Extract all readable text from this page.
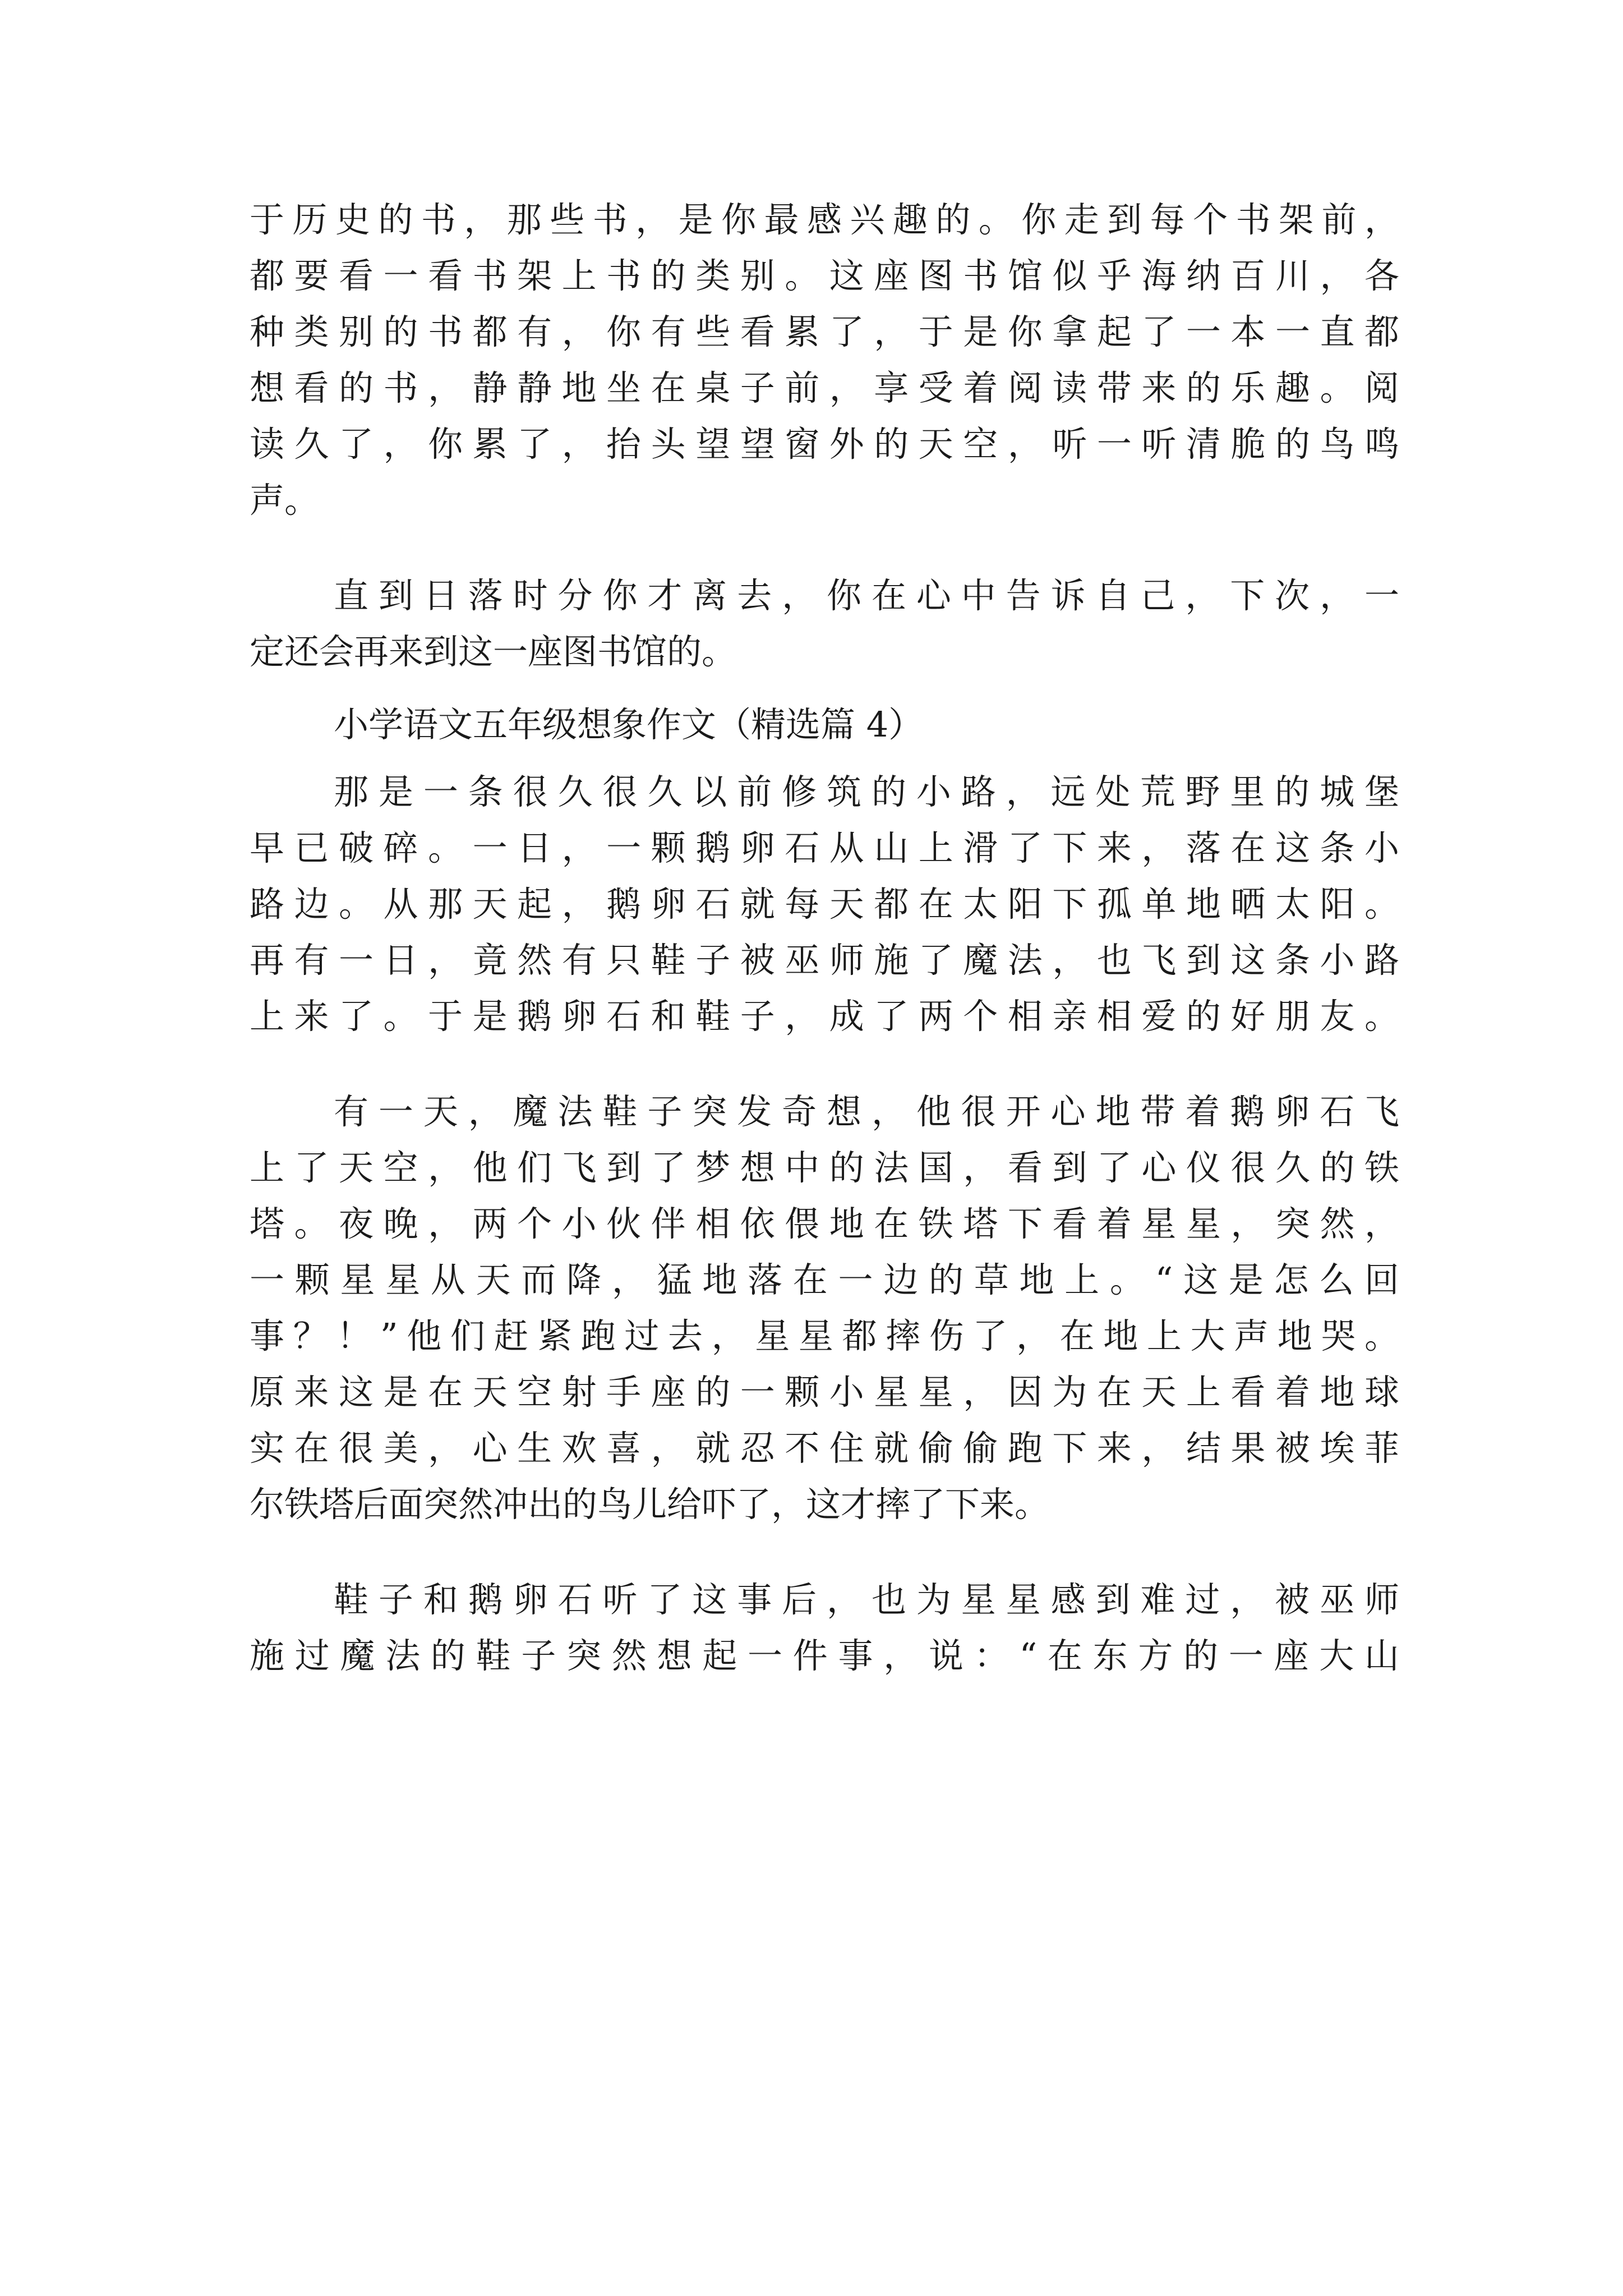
于历史的书，那些书，是你最感兴趣的。你走到每个书架前，
都要看一看书架上书的类别。这座图书馆似乎海纳百川，各
种类别的书都有，你有些看累了，于是你拿起了一本一直都
想看的书，静静地坐在桌子前，享受着阅读带来的乐趣。阅
读久了，你累了，抬头望望窗外的天空，听一听清脆的鸟鸣
声。
直到日落时分你才离去，你在心中告诉自己，下次，一
定还会再来到这一座图书馆的。
小学语文五年级想象作文（精选篇 4）
那是一条很久很久以前修筑的小路，远处荒野里的城堡
早已破碎。一日，一颗鹅卵石从山上滑了下来，落在这条小
路边。从那天起，鹅卵石就每天都在太阳下孤单地晒太阳。
再有一日，竟然有只鞋子被巫师施了魔法，也飞到这条小路
上来了。于是鹅卵石和鞋子，成了两个相亲相爱的好朋友。
有一天，魔法鞋子突发奇想，他很开心地带着鹅卵石飞
上了天空，他们飞到了梦想中的法国，看到了心仪很久的铁
塔。夜晚，两个小伙伴相依偎地在铁塔下看着星星，突然，
一颗星星从天而降，猛地落在一边的草地上。“这是怎么回
事？！”他们赶紧跑过去，星星都摔伤了，在地上大声地哭。
原来这是在天空射手座的一颗小星星，因为在天上看着地球
实在很美，心生欢喜，就忍不住就偷偷跑下来，结果被埃菲
尔铁塔后面突然冲出的鸟儿给吓了，这才摔了下来。
鞋子和鹅卵石听了这事后，也为星星感到难过，被巫师
施过魔法的鞋子突然想起一件事，说：“在东方的一座大山
